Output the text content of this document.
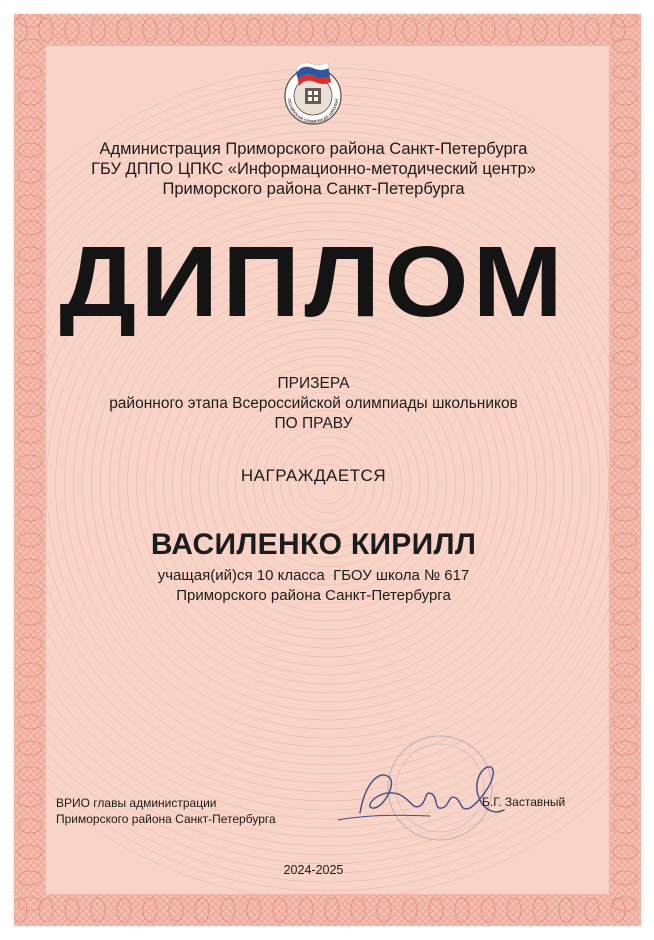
ОССИЙСКАЯ ОЛИМПИАДА ШКОЛЬН
Администрация Приморского района Санкт-Петербурга
ГБУ ДППО ЦПКС «Информационно-методический центр»
Приморского района Санкт-Петербурга
ДИПЛОМ
ПРИЗЕРА
районного этапа Всероссийской олимпиады школьников
ПО ПРАВУ
НАГРАЖДАЕТСЯ
ВАСИЛЕНКО КИРИЛЛ
учащая(ий)ся 10 класса  ГБОУ школа № 617
Приморского района Санкт-Петербурга
ВРИО главы администрации
Приморского района Санкт-Петербурга
Б.Г. Заставный
2024-2025
